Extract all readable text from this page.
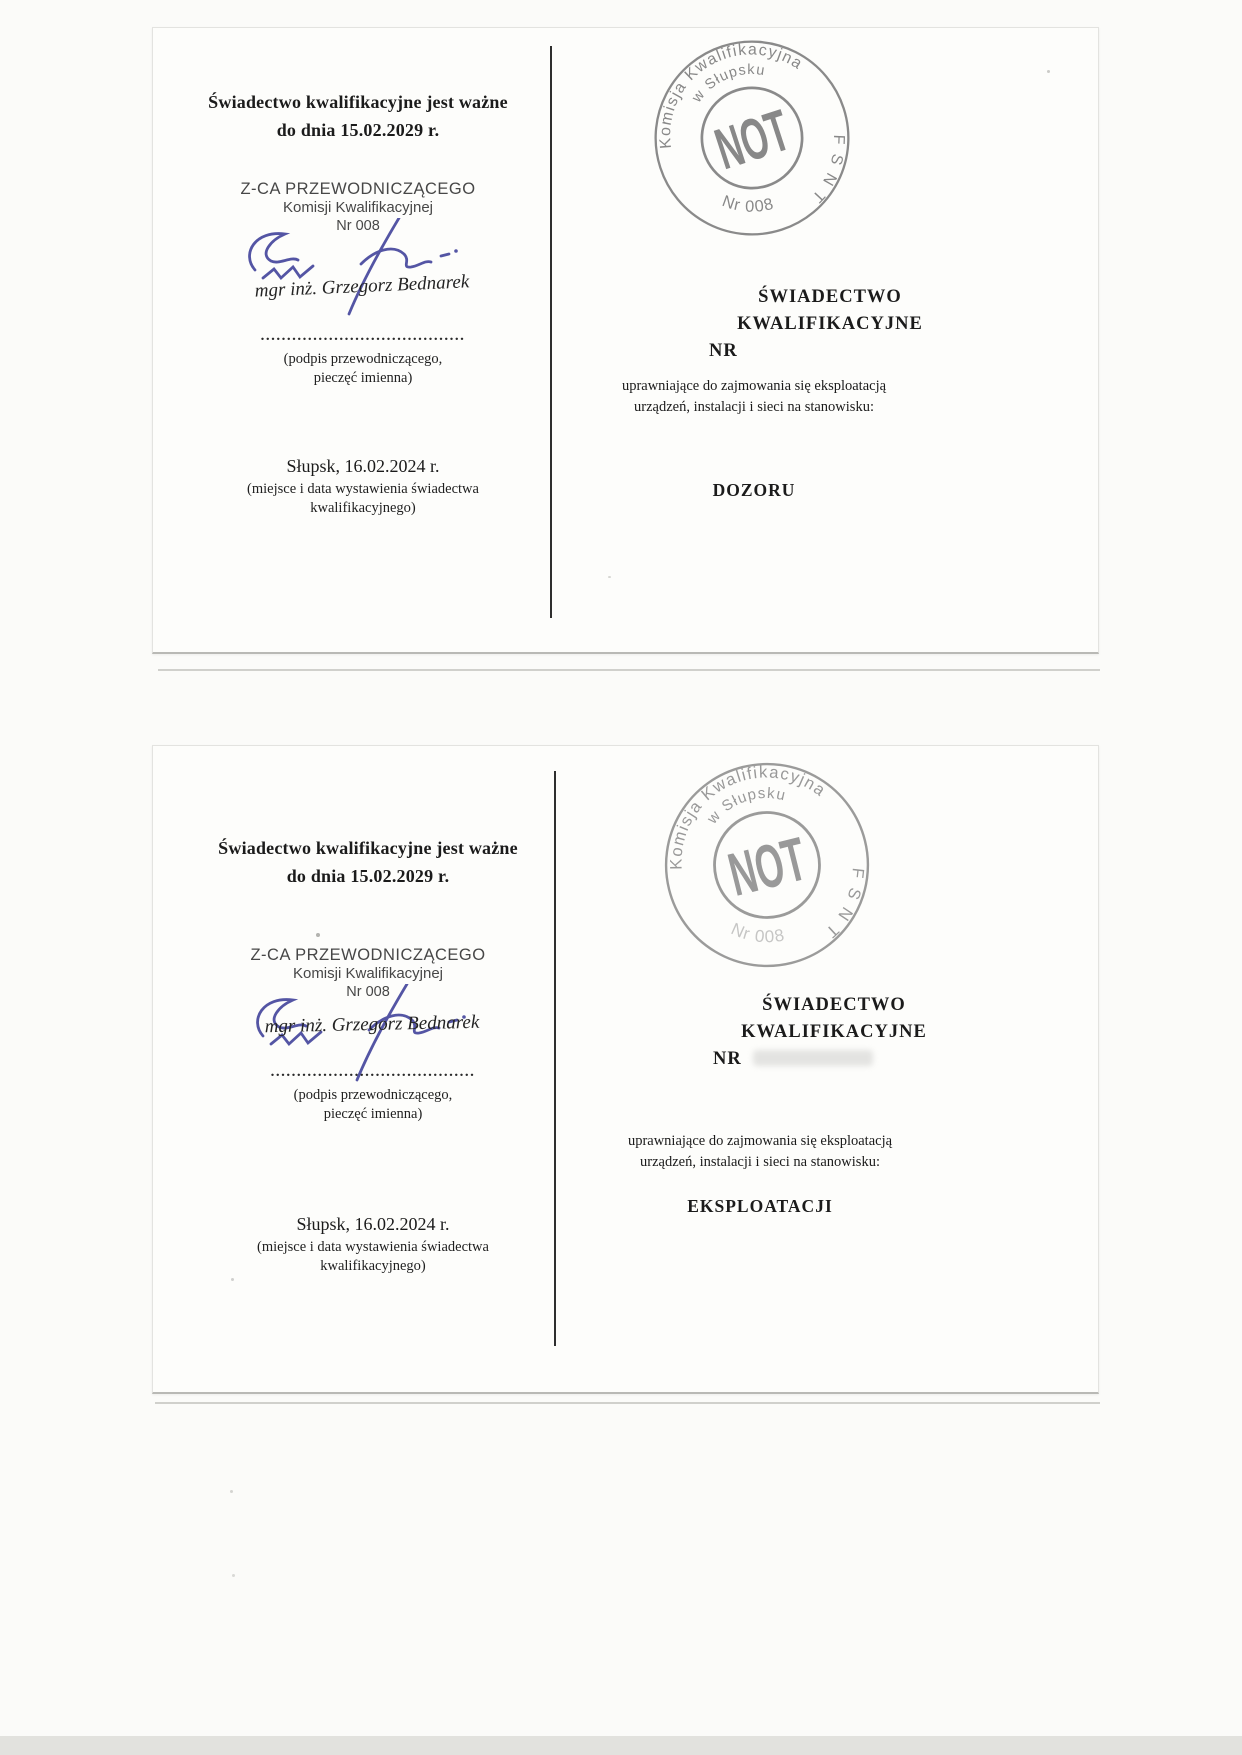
Świadectwo kwalifikacyjne jest ważne
do dnia 15.02.2029 r.
Z-CA PRZEWODNICZĄCEGO
Komisji Kwalifikacyjnej
Nr 008
mgr inż. Grzegorz Bednarek
.......................................
(podpis przewodniczącego,
pieczęć imienna)
Słupsk, 16.02.2024 r.
(miejsce i data wystawienia świadectwa
kwalifikacyjnego)
Komisja Kwalifikacyjna
FSNT
w Słupsku
Nr 008
NOT
ŚWIADECTWO
KWALIFIKACYJNE
NR
uprawniające do zajmowania się eksploatacją
urządzeń, instalacji i sieci na stanowisku:
DOZORU
Świadectwo kwalifikacyjne jest ważne
do dnia 15.02.2029 r.
Z-CA PRZEWODNICZĄCEGO
Komisji Kwalifikacyjnej
Nr 008
mgr inż. Grzegorz Bednarek
.......................................
(podpis przewodniczącego,
pieczęć imienna)
Słupsk, 16.02.2024 r.
(miejsce i data wystawienia świadectwa
kwalifikacyjnego)
Komisja Kwalifikacyjna
FSNT
w Słupsku
Nr 008
NOT
ŚWIADECTWO
KWALIFIKACYJNE
NR
uprawniające do zajmowania się eksploatacją
urządzeń, instalacji i sieci na stanowisku:
EKSPLOATACJI
